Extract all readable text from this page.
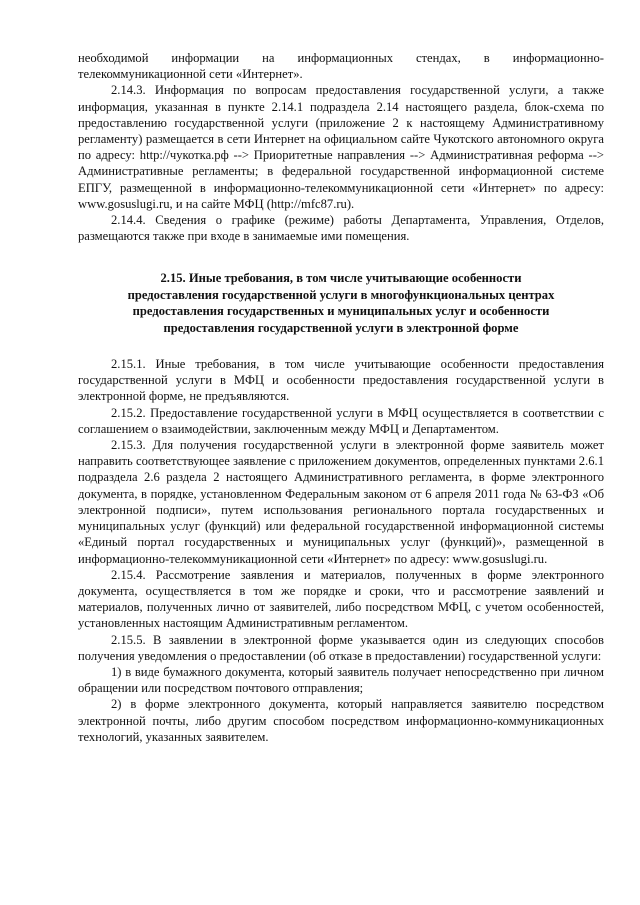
необходимой информации на информационных стендах, в информационно-телекоммуникационной сети «Интернет».

2.14.3. Информация по вопросам предоставления государственной услуги, а также информация, указанная в пункте 2.14.1 подраздела 2.14 настоящего раздела, блок-схема по предоставлению государственной услуги (приложение 2 к настоящему Административному регламенту) размещается в сети Интернет на официальном сайте Чукотского автономного округа по адресу: http://чукотка.рф --> Приоритетные направления --> Административная реформа --> Административные регламенты; в федеральной государственной информационной системе ЕПГУ, размещенной в информационно-телекоммуникационной сети «Интернет» по адресу: www.gosuslugi.ru, и на сайте МФЦ (http://mfc87.ru).

2.14.4. Сведения о графике (режиме) работы Департамента, Управления, Отделов, размещаются также при входе в занимаемые ими помещения.

2.15. Иные требования, в том числе учитывающие особенности
предоставления государственной услуги в многофункциональных центрах
предоставления государственных и муниципальных услуг и особенности
предоставления государственной услуги в электронной форме

2.15.1. Иные требования, в том числе учитывающие особенности предоставления государственной услуги в МФЦ и особенности предоставления государственной услуги в электронной форме, не предъявляются.

2.15.2. Предоставление государственной услуги в МФЦ осуществляется в соответствии с соглашением о взаимодействии, заключенным между МФЦ и Департаментом.

2.15.3. Для получения государственной услуги в электронной форме заявитель может направить соответствующее заявление с приложением документов, определенных пунктами 2.6.1 подраздела 2.6 раздела 2 настоящего Административного регламента, в форме электронного документа, в порядке, установленном Федеральным законом от 6 апреля 2011 года № 63-ФЗ «Об электронной подписи», путем использования регионального портала государственных и муниципальных услуг (функций) или федеральной государственной информационной системы «Единый портал государственных и муниципальных услуг (функций)», размещенной в информационно-телекоммуникационной сети «Интернет» по адресу: www.gosuslugi.ru.

2.15.4. Рассмотрение заявления и материалов, полученных в форме электронного документа, осуществляется в том же порядке и сроки, что и рассмотрение заявлений и материалов, полученных лично от заявителей, либо посредством МФЦ, с учетом особенностей, установленных настоящим Административным регламентом.

2.15.5. В заявлении в электронной форме указывается один из следующих способов получения уведомления о предоставлении (об отказе в предоставлении) государственной услуги:

1) в виде бумажного документа, который заявитель получает непосредственно при личном обращении или посредством почтового отправления;

2) в форме электронного документа, который направляется заявителю посредством электронной почты, либо другим способом посредством информационно-коммуникационных технологий, указанных заявителем.
